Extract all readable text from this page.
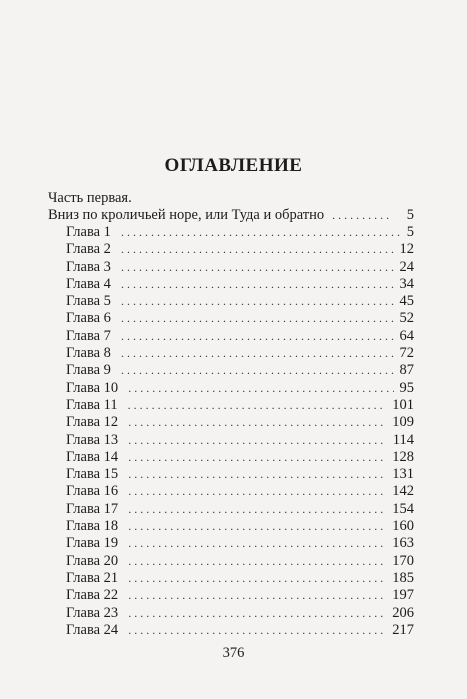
ОГЛАВЛЕНИЕ
Часть первая.
Вниз по кроличьей норе, или Туда и обратно . . .	5
Глава 1 . . .	5
Глава 2 . . .	12
Глава 3 . . .	24
Глава 4 . . .	34
Глава 5 . . .	45
Глава 6 . . .	52
Глава 7 . . .	64
Глава 8 . . .	72
Глава 9 . . .	87
Глава 10 . . .	95
Глава 11 . . .	101
Глава 12 . . .	109
Глава 13 . . .	114
Глава 14 . . .	128
Глава 15 . . .	131
Глава 16 . . .	142
Глава 17 . . .	154
Глава 18 . . .	160
Глава 19 . . .	163
Глава 20 . . .	170
Глава 21 . . .	185
Глава 22 . . .	197
Глава 23 . . .	206
Глава 24 . . .	217
376
